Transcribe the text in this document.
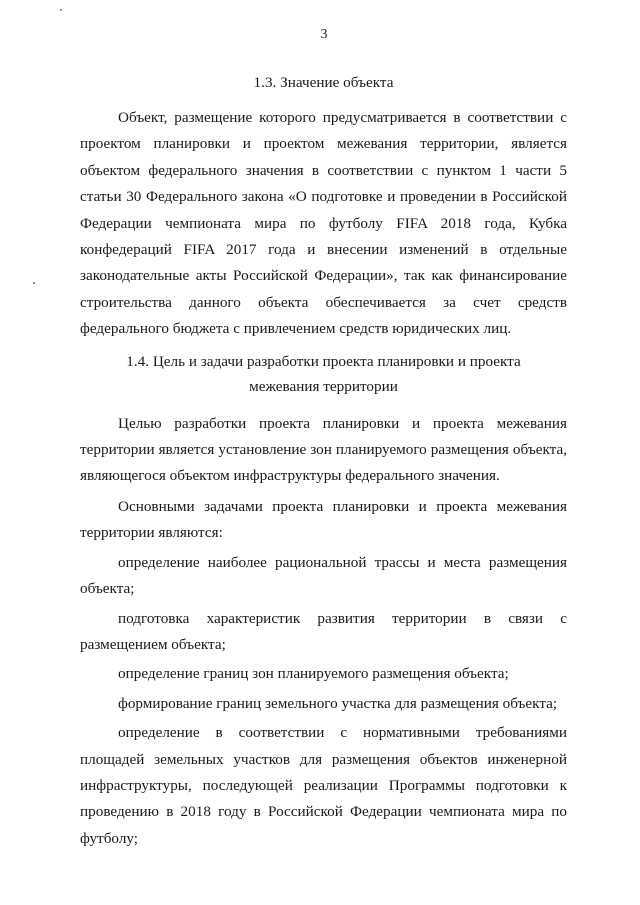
3

1.3. Значение объекта

Объект, размещение которого предусматривается в соответствии с проектом планировки и проектом межевания территории, является объектом федерального значения в соответствии с пунктом 1 части 5 статьи 30 Федерального закона «О подготовке и проведении в Российской Федерации чемпионата мира по футболу FIFA 2018 года, Кубка конфедераций FIFA 2017 года и внесении изменений в отдельные законодательные акты Российской Федерации», так как финансирование строительства данного объекта обеспечивается за счет средств федерального бюджета с привлечением средств юридических лиц.

1.4. Цель и задачи разработки проекта планировки и проекта
межевания территории

Целью разработки проекта планировки и проекта межевания территории является установление зон планируемого размещения объекта, являющегося объектом инфраструктуры федерального значения.

Основными задачами проекта планировки и проекта межевания территории являются:

определение наиболее рациональной трассы и места размещения объекта;

подготовка характеристик развития территории в связи с размещением объекта;

определение границ зон планируемого размещения объекта;

формирование границ земельного участка для размещения объекта;

определение в соответствии с нормативными требованиями площадей земельных участков для размещения объектов инженерной инфраструктуры, последующей реализации Программы подготовки к проведению в 2018 году в Российской Федерации чемпионата мира по футболу;
